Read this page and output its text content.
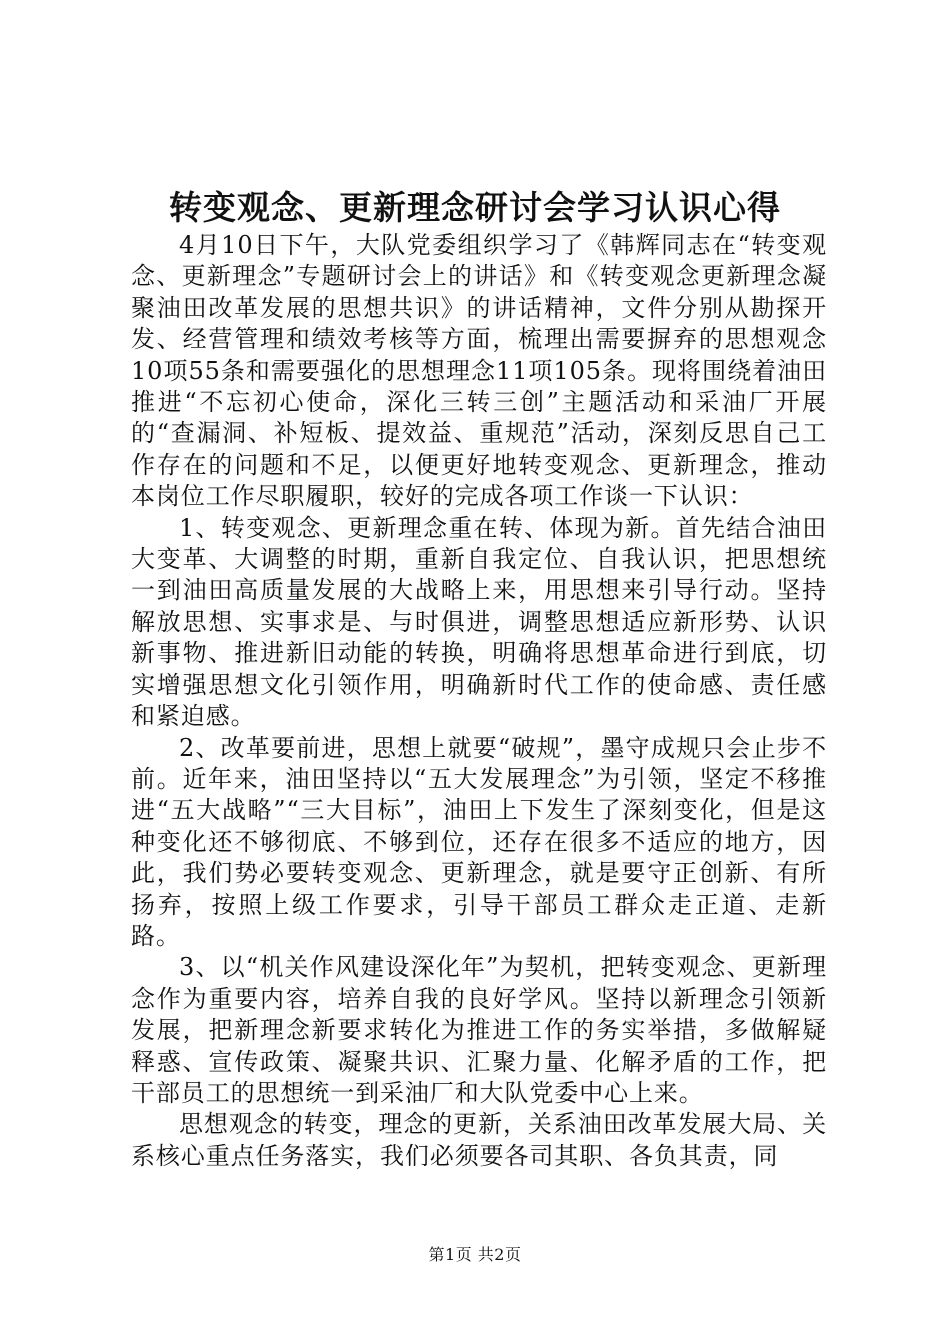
转变观念、更新理念研讨会学习认识心得

4月10日下午，大队党委组织学习了《韩辉同志在“转变观念、更新理念”专题研讨会上的讲话》和《转变观念更新理念凝聚油田改革发展的思想共识》的讲话精神，文件分别从勘探开发、经营管理和绩效考核等方面，梳理出需要摒弃的思想观念10项55条和需要强化的思想理念11项105条。现将围绕着油田推进“不忘初心使命，深化三转三创”主题活动和采油厂开展的“查漏洞、补短板、提效益、重规范”活动，深刻反思自己工作存在的问题和不足，以便更好地转变观念、更新理念，推动本岗位工作尽职履职，较好的完成各项工作谈一下认识：

1、转变观念、更新理念重在转、体现为新。首先结合油田大变革、大调整的时期，重新自我定位、自我认识，把思想统一到油田高质量发展的大战略上来，用思想来引导行动。坚持解放思想、实事求是、与时俱进，调整思想适应新形势、认识新事物、推进新旧动能的转换，明确将思想革命进行到底，切实增强思想文化引领作用，明确新时代工作的使命感、责任感和紧迫感。

2、改革要前进，思想上就要“破规”，墨守成规只会止步不前。近年来，油田坚持以“五大发展理念”为引领，坚定不移推进“五大战略”“三大目标”，油田上下发生了深刻变化，但是这种变化还不够彻底、不够到位，还存在很多不适应的地方，因此，我们势必要转变观念、更新理念，就是要守正创新、有所扬弃，按照上级工作要求，引导干部员工群众走正道、走新路。

3、以“机关作风建设深化年”为契机，把转变观念、更新理念作为重要内容，培养自我的良好学风。坚持以新理念引领新发展，把新理念新要求转化为推进工作的务实举措，多做解疑释惑、宣传政策、凝聚共识、汇聚力量、化解矛盾的工作，把干部员工的思想统一到采油厂和大队党委中心上来。

思想观念的转变，理念的更新，关系油田改革发展大局、关系核心重点任务落实，我们必须要各司其职、各负其责，同

第1页 共2页
